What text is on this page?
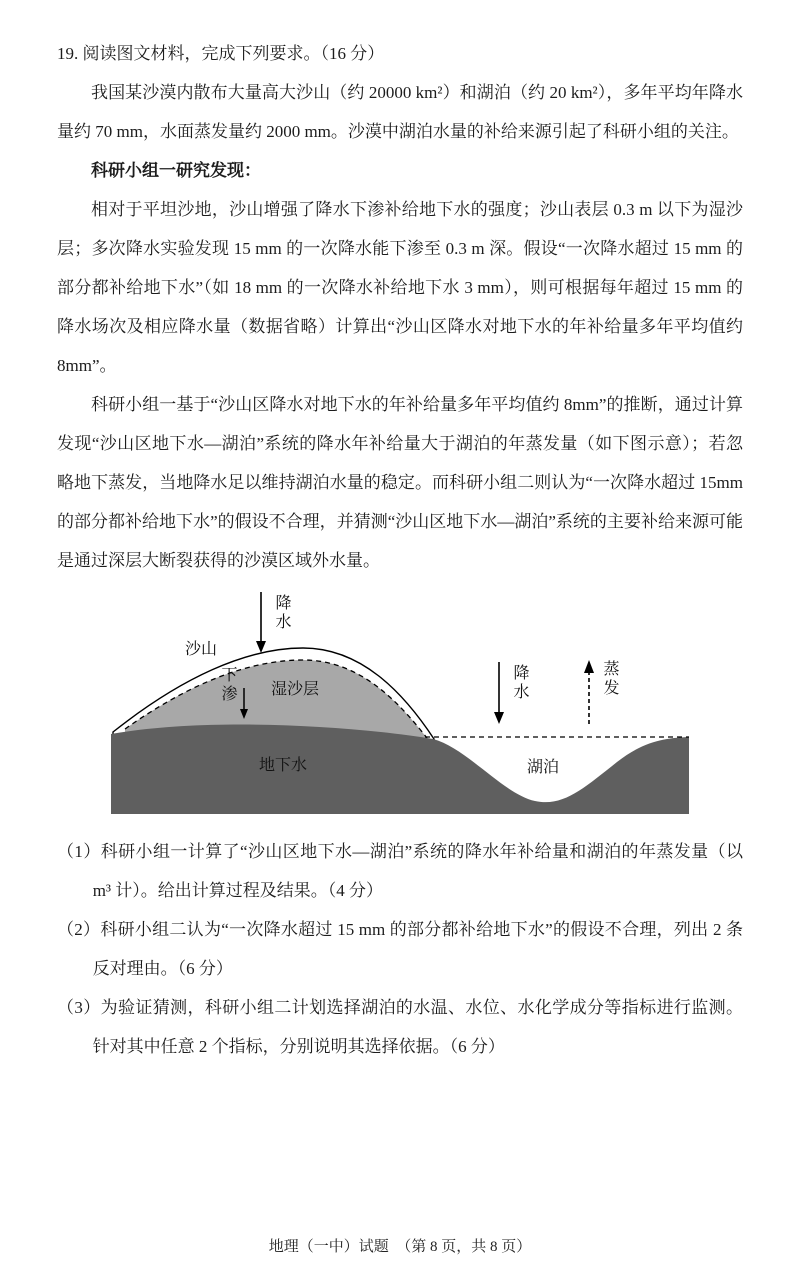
19. 阅读图文材料，完成下列要求。（16 分）

我国某沙漠内散布大量高大沙山（约 20000 km²）和湖泊（约 20 km²），多年平均年降水量约 70 mm，水面蒸发量约 2000 mm。沙漠中湖泊水量的补给来源引起了科研小组的关注。

科研小组一研究发现：

相对于平坦沙地，沙山增强了降水下渗补给地下水的强度；沙山表层 0.3 m 以下为湿沙层；多次降水实验发现 15 mm 的一次降水能下渗至 0.3 m 深。假设“一次降水超过 15 mm 的部分都补给地下水”（如 18 mm 的一次降水补给地下水 3 mm），则可根据每年超过 15 mm 的降水场次及相应降水量（数据省略）计算出“沙山区降水对地下水的年补给量多年平均值约 8mm”。

科研小组一基于“沙山区降水对地下水的年补给量多年平均值约 8mm”的推断，通过计算发现“沙山区地下水—湖泊”系统的降水年补给量大于湖泊的年蒸发量（如下图示意）；若忽略地下蒸发，当地降水足以维持湖泊水量的稳定。而科研小组二则认为“一次降水超过 15mm 的部分都补给地下水”的假设不合理，并猜测“沙山区地下水—湖泊”系统的主要补给来源可能是通过深层大断裂获得的沙漠区域外水量。

降水
沙山
下渗 湿沙层
地下水	湖泊
降水	蒸发

（1）科研小组一计算了“沙山区地下水—湖泊”系统的降水年补给量和湖泊的年蒸发量（以 m³ 计）。给出计算过程及结果。（4 分）

（2）科研小组二认为“一次降水超过 15 mm 的部分都补给地下水”的假设不合理，列出 2 条反对理由。（6 分）

（3）为验证猜测，科研小组二计划选择湖泊的水温、水位、水化学成分等指标进行监测。针对其中任意 2 个指标，分别说明其选择依据。（6 分）

地理（一中）试题　（第 8 页，共 8 页）
